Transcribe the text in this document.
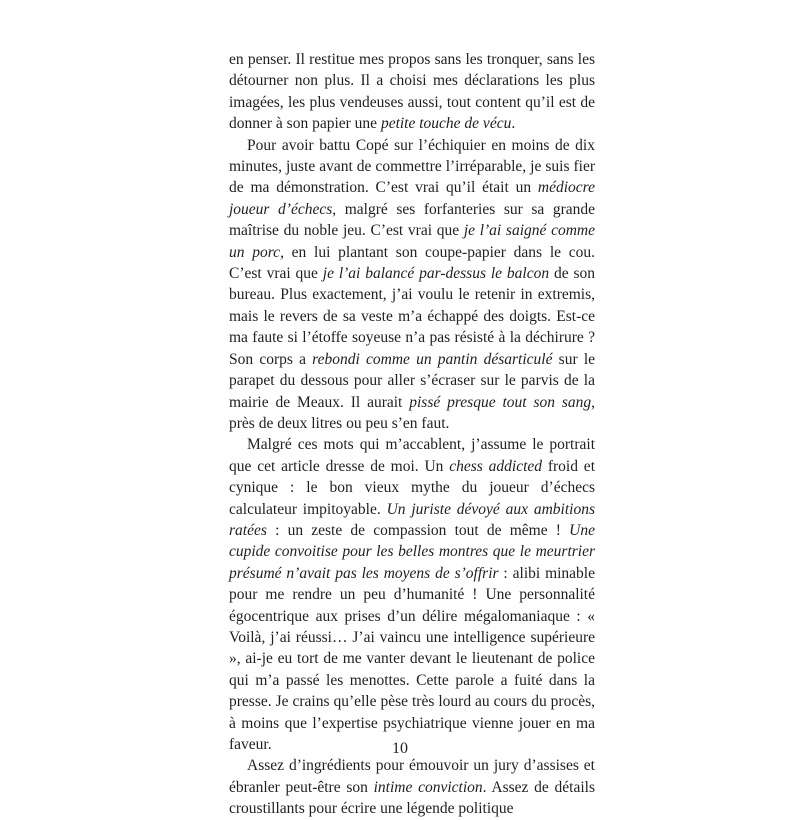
en penser. Il restitue mes propos sans les tronquer, sans les détourner non plus. Il a choisi mes déclarations les plus imagées, les plus vendeuses aussi, tout content qu’il est de donner à son papier une petite touche de vécu.

Pour avoir battu Copé sur l’échiquier en moins de dix minutes, juste avant de commettre l’irréparable, je suis fier de ma démonstration. C’est vrai qu’il était un médiocre joueur d’échecs, malgré ses forfanteries sur sa grande maîtrise du noble jeu. C’est vrai que je l’ai saigné comme un porc, en lui plantant son coupe-papier dans le cou. C’est vrai que je l’ai balancé par-dessus le balcon de son bureau. Plus exactement, j’ai voulu le retenir in extremis, mais le revers de sa veste m’a échappé des doigts. Est-ce ma faute si l’étoffe soyeuse n’a pas résisté à la déchirure ? Son corps a rebondi comme un pantin désarticulé sur le parapet du dessous pour aller s’écraser sur le parvis de la mairie de Meaux. Il aurait pissé presque tout son sang, près de deux litres ou peu s’en faut.

Malgré ces mots qui m’accablent, j’assume le portrait que cet article dresse de moi. Un chess addicted froid et cynique : le bon vieux mythe du joueur d’échecs calculateur impitoyable. Un juriste dévoyé aux ambitions ratées : un zeste de compassion tout de même ! Une cupide convoitise pour les belles montres que le meurtrier présumé n’avait pas les moyens de s’offrir : alibi minable pour me rendre un peu d’humanité ! Une personnalité égocentrique aux prises d’un délire mégalomaniaque : « Voilà, j’ai réussi… J’ai vaincu une intelligence supérieure », ai-je eu tort de me vanter devant le lieutenant de police qui m’a passé les menottes. Cette parole a fuité dans la presse. Je crains qu’elle pèse très lourd au cours du procès, à moins que l’expertise psychiatrique vienne jouer en ma faveur.

Assez d’ingrédients pour émouvoir un jury d’assises et ébranler peut-être son intime conviction. Assez de détails croustillants pour écrire une légende politique

10
